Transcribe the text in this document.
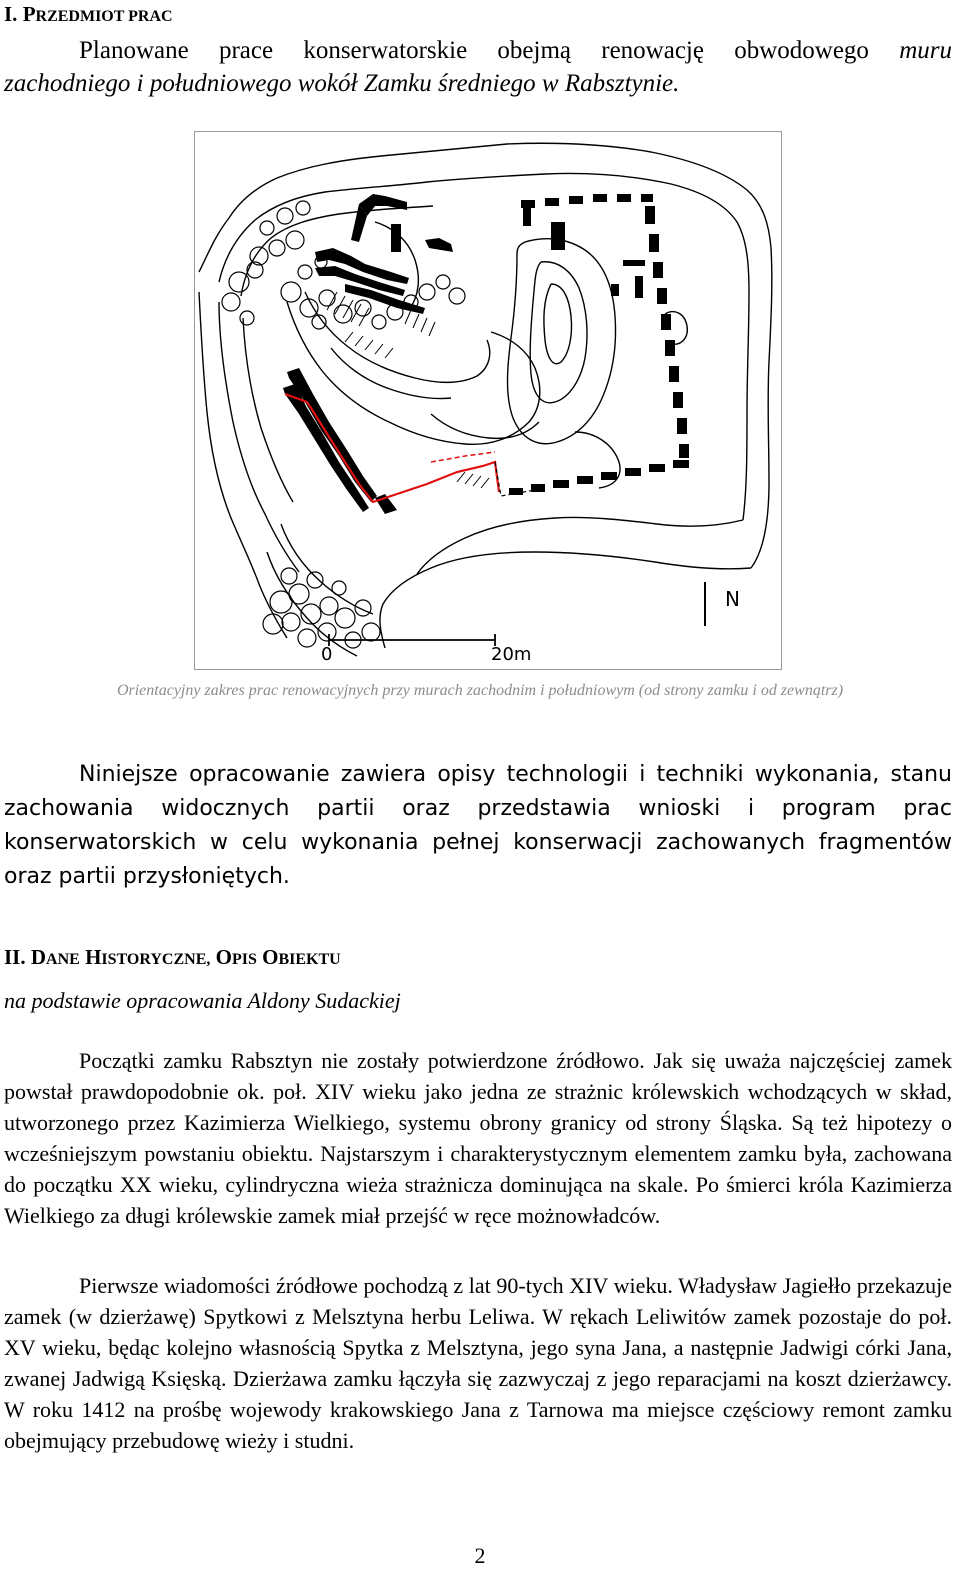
I. PRZEDMIOT PRAC
Planowane prace konserwatorskie obejmą renowację obwodowego muru
zachodniego i południowego wokół Zamku średniego w Rabsztynie.
0	20m
N
Orientacyjny zakres prac renowacyjnych przy murach zachodnim i południowym (od strony zamku i od zewnątrz)
Niniejsze opracowanie zawiera opisy technologii i techniki wykonania, stanu zachowania widocznych partii oraz przedstawia wnioski i program prac konserwatorskich w celu wykonania pełnej konserwacji zachowanych fragmentów oraz partii przysłoniętych.
II. DANE HISTORYCZNE, OPIS OBIEKTU
na podstawie opracowania Aldony Sudackiej
Początki zamku Rabsztyn nie zostały potwierdzone źródłowo. Jak się uważa najczęściej zamek powstał prawdopodobnie ok. poł. XIV wieku jako jedna ze strażnic królewskich wchodzących w skład, utworzonego przez Kazimierza Wielkiego, systemu obrony granicy od strony Śląska. Są też hipotezy o wcześniejszym powstaniu obiektu. Najstarszym i charakterystycznym elementem zamku była, zachowana do początku XX wieku, cylindryczna wieża strażnicza dominująca na skale. Po śmierci króla Kazimierza Wielkiego za długi królewskie zamek miał przejść w ręce możnowładców.
Pierwsze wiadomości źródłowe pochodzą z lat 90-tych XIV wieku. Władysław Jagiełło przekazuje zamek (w dzierżawę) Spytkowi z Melsztyna herbu Leliwa. W rękach Leliwitów zamek pozostaje do poł. XV wieku, będąc kolejno własnością Spytka z Melsztyna, jego syna Jana, a następnie Jadwigi córki Jana, zwanej Jadwigą Księską. Dzierżawa zamku łączyła się zazwyczaj z jego reparacjami na koszt dzierżawcy. W roku 1412 na prośbę wojewody krakowskiego Jana z Tarnowa ma miejsce częściowy remont zamku obejmujący przebudowę wieży i studni.
2
